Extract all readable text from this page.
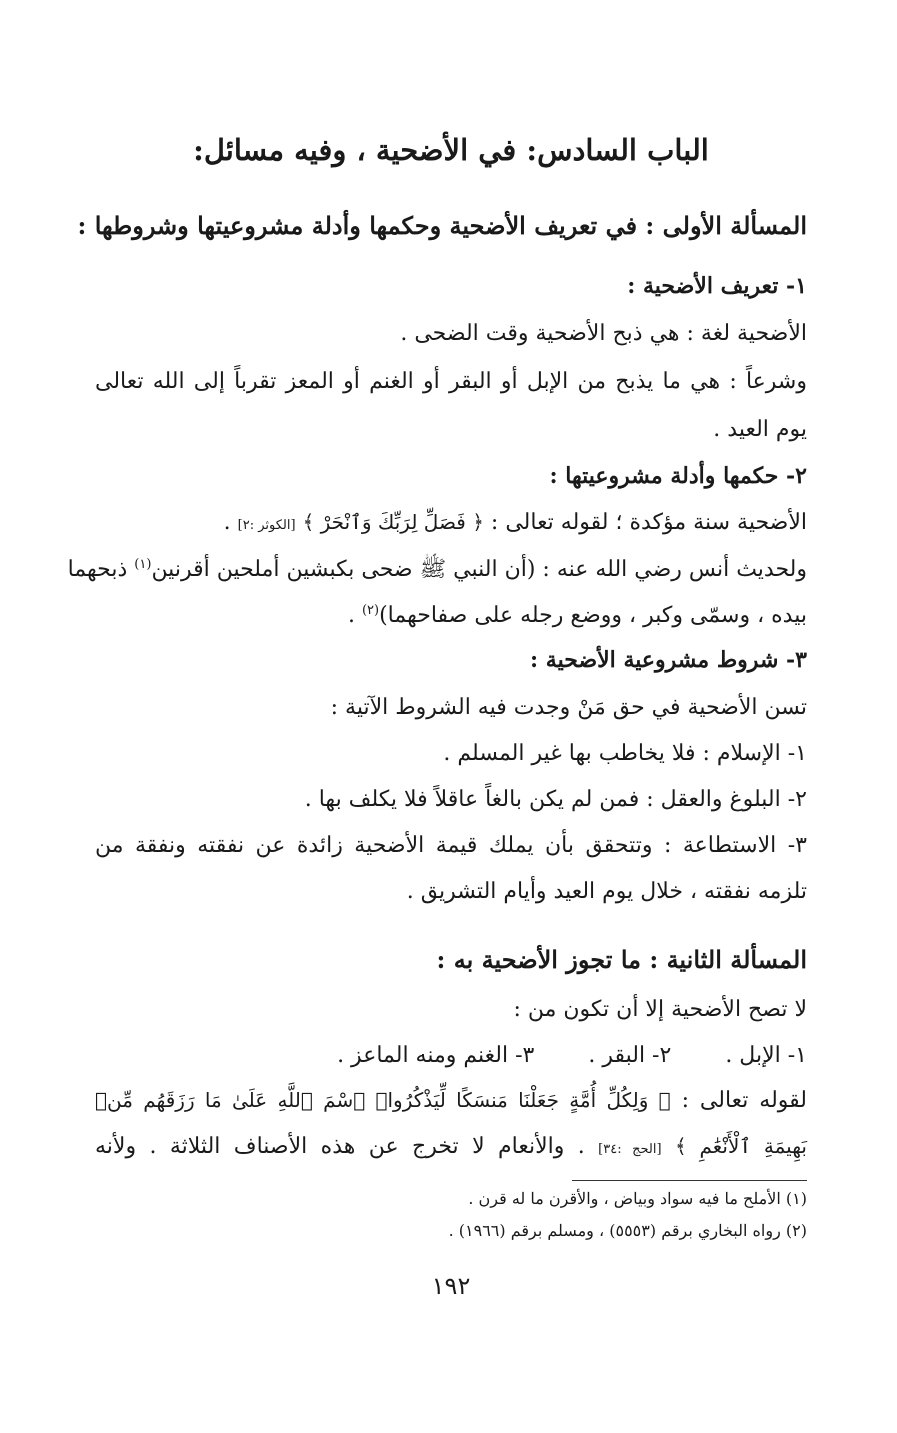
الباب السادس: في الأضحية ، وفيه مسائل:
المسألة الأولى : في تعريف الأضحية وحكمها وأدلة مشروعيتها وشروطها :
١- تعريف الأضحية :
الأضحية لغة : هي ذبح الأضحية وقت الضحى .
وشرعاً : هي ما يذبح من الإبل أو البقر أو الغنم أو المعز تقرباً إلى الله تعالى
يوم العيد .
٢- حكمها وأدلة مشروعيتها :
الأضحية سنة مؤكدة ؛ لقوله تعالى : ﴿ فَصَلِّ لِرَبِّكَ وَٱنْحَرْ ﴾ [الكوثر :٢] .
ولحديث أنس رضي الله عنه : (أن النبي ﷺ ضحى بكبشين أملحين أقرنين$^{(١)}$ ذبحهما
بيده ، وسمّى وكبر ، ووضع رجله على صفاحهما)$^{(٢)}$ .
٣- شروط مشروعية الأضحية :
تسن الأضحية في حق مَنْ وجدت فيه الشروط الآتية :
١- الإسلام : فلا يخاطب بها غير المسلم .
٢- البلوغ والعقل : فمن لم يكن بالغاً عاقلاً فلا يكلف بها .
٣- الاستطاعة : وتتحقق بأن يملك قيمة الأضحية زائدة عن نفقته ونفقة من
تلزمه نفقته ، خلال يوم العيد وأيام التشريق .
المسألة الثانية : ما تجوز الأضحية به :
لا تصح الأضحية إلا أن تكون من :
١- الإبل .  ٢- البقر .  ٣- الغنم ومنه الماعز .
لقوله تعالى : ﴿ وَلِكُلِّ أُمَّةٍ جَعَلْنَا مَنسَكًا لِّيَذْكُرُوا۟ ٱسْمَ ٱللَّهِ عَلَىٰ مَا رَزَقَهُم مِّنۢ
بَهِيمَةِ ٱلْأَنْعَٰمِ ﴾ [الحج :٣٤] . والأنعام لا تخرج عن هذه الأصناف الثلاثة . ولأنه
(١) الأملح ما فيه سواد وبياض ، والأقرن ما له قرن .
(٢) رواه البخاري برقم (٥٥٥٣) ، ومسلم برقم (١٩٦٦) .
١٩٢
